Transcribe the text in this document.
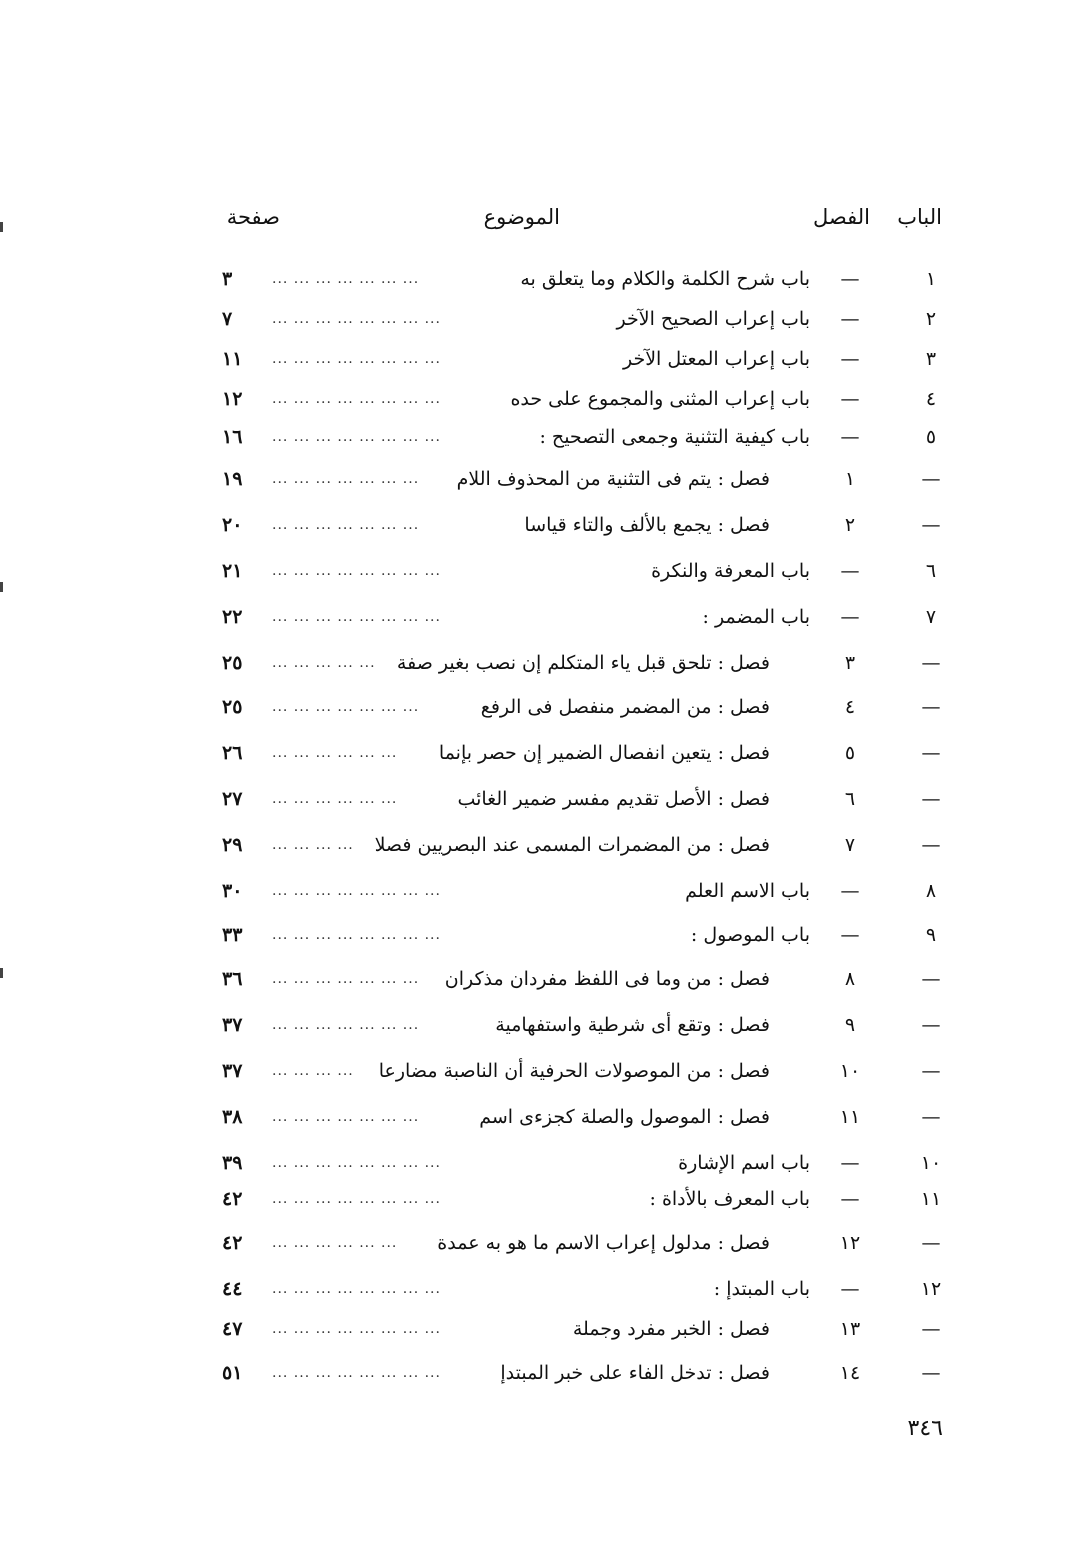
الباب
الفصل
الموضوع
صفحة
١
—
باب شرح الكلمة والكلام وما يتعلق به
... ... ... ... ... ... ...
٣
٢
—
باب إعراب الصحيح الآخر
... ... ... ... ... ... ... ...
٧
٣
—
باب إعراب المعتل الآخر
... ... ... ... ... ... ... ...
١١
٤
—
باب إعراب المثنى والمجموع على حده
... ... ... ... ... ... ... ...
١٢
٥
—
باب كيفية التثنية وجمعى التصحيح :
... ... ... ... ... ... ... ...
١٦
—
١
فصل : يتم فى التثنية من المحذوف اللام
... ... ... ... ... ... ...
١٩
—
٢
فصل : يجمع بالألف والتاء قياسا
... ... ... ... ... ... ...
٢٠
٦
—
باب المعرفة والنكرة
... ... ... ... ... ... ... ...
٢١
٧
—
باب المضمر :
... ... ... ... ... ... ... ...
٢٢
—
٣
فصل : تلحق قبل ياء المتكلم إن نصب بغير صفة
... ... ... ... ...
٢٥
—
٤
فصل : من المضمر منفصل فى الرفع
... ... ... ... ... ... ...
٢٥
—
٥
فصل : يتعين انفصال الضمير إن حصر بإنما
... ... ... ... ... ...
٢٦
—
٦
فصل : الأصل تقديم مفسر ضمير الغائب
... ... ... ... ... ...
٢٧
—
٧
فصل : من المضمرات المسمى عند البصريين فصلا
... ... ... ...
٢٩
٨
—
باب الاسم العلم
... ... ... ... ... ... ... ...
٣٠
٩
—
باب الموصول :
... ... ... ... ... ... ... ...
٣٣
—
٨
فصل : من وما فى اللفظ مفردان مذكران
... ... ... ... ... ... ...
٣٦
—
٩
فصل : وتقع أى شرطية واستفهامية
... ... ... ... ... ... ...
٣٧
—
١٠
فصل : من الموصولات الحرفية أن الناصبة مضارعا
... ... ... ...
٣٧
—
١١
فصل : الموصول والصلة كجزءى اسم
... ... ... ... ... ... ...
٣٨
١٠
—
باب اسم الإشارة
... ... ... ... ... ... ... ...
٣٩
١١
—
باب المعرف بالأداة :
... ... ... ... ... ... ... ...
٤٢
—
١٢
فصل : مدلول إعراب الاسم ما هو به عمدة
... ... ... ... ... ...
٤٢
١٢
—
باب المبتدإ :
... ... ... ... ... ... ... ...
٤٤
—
١٣
فصل : الخبر مفرد وجملة
... ... ... ... ... ... ... ...
٤٧
—
١٤
فصل : تدخل الفاء على خبر المبتدإ
... ... ... ... ... ... ... ...
٥١
٣٤٦
